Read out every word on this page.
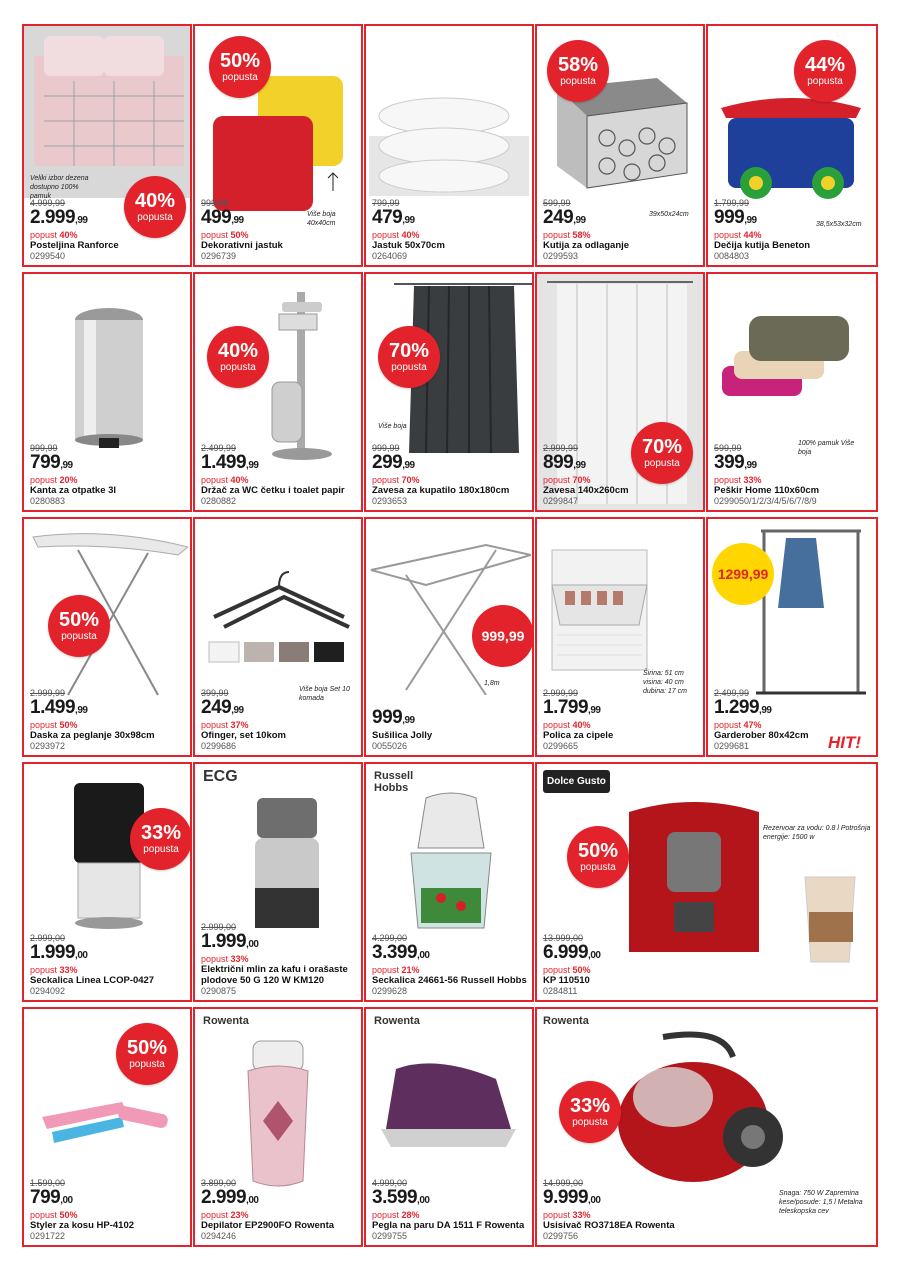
Veliki izbor dezena dostupno 100% pamuk	40%
popusta
4.999,99
2.999,99
popust 40%
Posteljina Ranforce
0299540
50%
popusta
Više boja 40x40cm
999,99
499,99
popust 50%
Dekorativni jastuk
0296739
799,99
479,99
popust 40%
Jastuk 50x70cm
0264069
58%
popusta
39x50x24cm
599,99
249,99
popust 58%
Kutija za odlaganje
0299593
44%
popusta
38,5x53x32cm
1.799,99
999,99
popust 44%
Dečija kutija Beneton
0084803
999,99
799,99
popust 20%
Kanta za otpatke 3l
0280883
40%
popusta
2.499,99
1.499,99
popust 40%
Držač za WC četku i toalet papir
0280882
70%
popusta
Više boja
999,99
299,99
popust 70%
Zavesa za kupatilo 180x180cm
0293653
70%
popusta
2.999,99
899,99
popust 70%
Zavesa 140x260cm
0299847
100% pamuk Više boja
599,99
399,99
popust 33%
Peškir Home 110x60cm
0299050/1/2/3/4/5/6/7/8/9
50%
popusta
2.999,99
1.499,99
popust 50%
Daska za peglanje 30x98cm
0293972
Više boja Set 10 komada
399,99
249,99
popust 37%
Ofinger, set 10kom
0299686
999,99
1,8m
999,99
Sušilica Jolly
0055026
Širina: 51 cm visina: 40 cm dubina: 17 cm
2.999,99
1.799,99
popust 40%
Polica za cipele
0299665
1299,99
HIT!
2.499,99
1.299,99
popust 47%
Garderober 80x42cm
0299681
33%
popusta
2.999,00
1.999,00
popust 33%
Seckalica Linea LCOP-0427
0294092
ECG
2.999,00
1.999,00
popust 33%
Električni mlin za kafu i orašaste plodove 50 G 120 W KM120
0290875
Russell Hobbs
4.299,00
3.399,00
popust 21%
Seckalica 24661-56 Russell Hobbs
0299628
Dolce Gusto
50%
popusta
Rezervoar za vodu: 0.8 l Potrošnja energije: 1500 w
13.999,00
6.999,00
popust 50%
KP 110510
0284811
50%
popusta
1.599,00
799,00
popust 50%
Styler za kosu HP-4102
0291722
Rowenta
3.899,00
2.999,00
popust 23%
Depilator EP2900FO Rowenta
0294246
Rowenta
4.999,00
3.599,00
popust 28%
Pegla na paru DA 1511 F Rowenta
0299755
Rowenta
33%
popusta
Snaga: 750 W Zapremina kese/posude: 1,5 l Metalna teleskopska cev
14.999,00
9.999,00
popust 33%
Usisivač RO3718EA Rowenta
0299756
